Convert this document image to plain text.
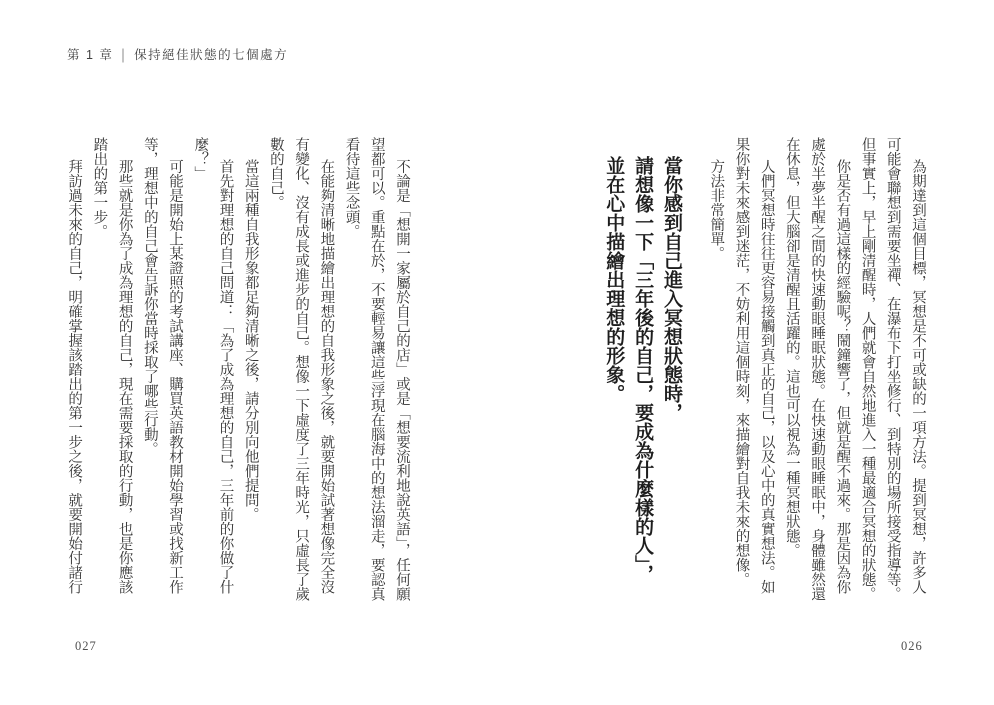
第 1 章 | 保持絕佳狀態的七個處方

為期達到這個目標，冥想是不可或缺的一項方法。提到冥想，許多人可能會聯想到需要坐禪、在瀑布下打坐修行、到特別的場所接受指導等。但事實上，早上剛清醒時，人們就會自然地進入一種最適合冥想的狀態。

你是否有過這樣的經驗呢？鬧鐘響了，但就是醒不過來。那是因為你處於半夢半醒之間的快速動眼睡眠狀態。在快速動眼睡眠中，身體雖然還在休息，但大腦卻是清醒且活躍的。這也可以視為一種冥想狀態。

人們冥想時往往更容易接觸到真正的自己，以及心中的真實想法。如果你對未來感到迷茫，不妨利用這個時刻，來描繪對自我未來的想像。

方法非常簡單。

當你感到自己進入冥想狀態時，

請想像一下「三年後的自己，要成為什麼樣的人」，

並在心中描繪出理想的形象。

不論是「想開一家屬於自己的店」或是「想要流利地說英語」，任何願望都可以。重點在於，不要輕易讓這些浮現在腦海中的想法溜走，要認真看待這些念頭。

在能夠清晰地描繪出理想的自我形象之後，就要開始試著想像完全沒有變化、沒有成長或進步的自己。想像一下虛度了三年時光，只虛長了歲數的自己。

當這兩種自我形象都足夠清晰之後，請分別向他們提問。

首先對理想的自己問道：「為了成為理想的自己，三年前的你做了什麼？」

可能是開始上某證照的考試講座、購買英語教材開始學習或找新工作等，理想中的自己會告訴你當時採取了哪些行動。

那些就是你為了成為理想的自己，現在需要採取的行動，也是你應該踏出的第一步。

拜訪過未來的自己，明確掌握該踏出的第一步之後，就要開始付諸行

027	026
